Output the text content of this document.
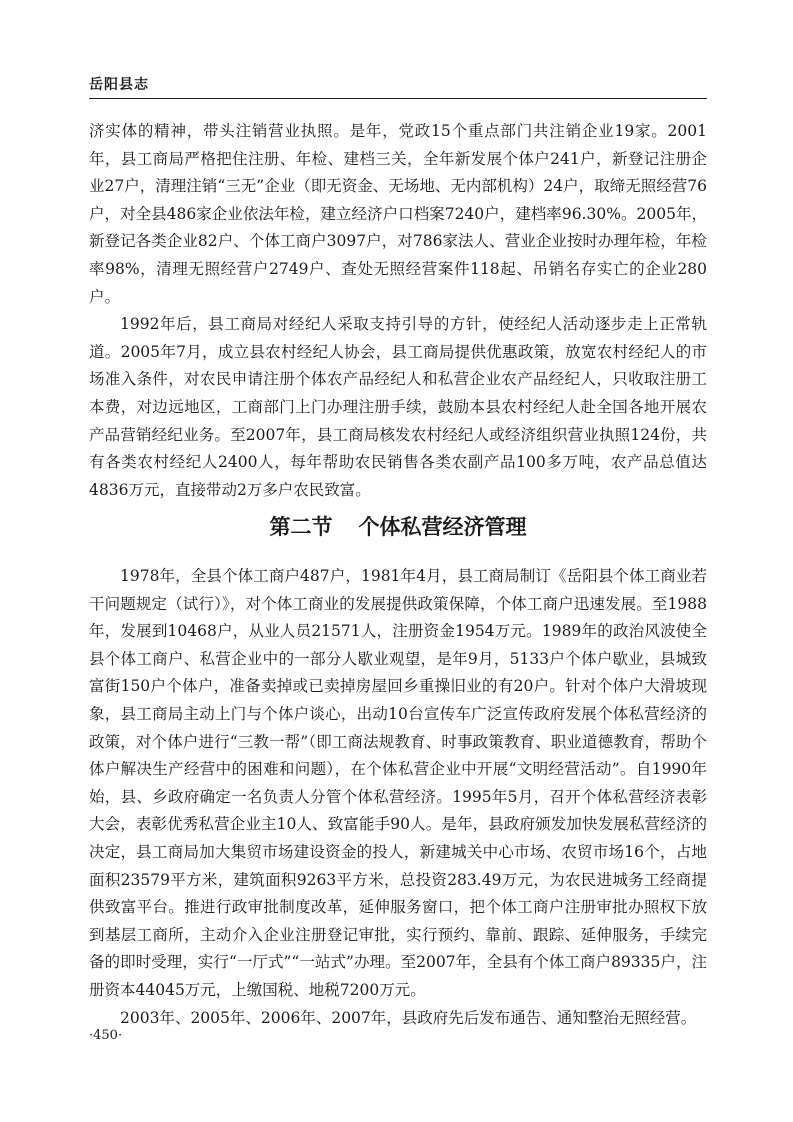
岳阳县志

济实体的精神，带头注销营业执照。是年，党政15个重点部门共注销企业19家。2001年，县工商局严格把住注册、年检、建档三关，全年新发展个体户241户，新登记注册企业27户，清理注销“三无”企业（即无资金、无场地、无内部机构）24户，取缔无照经营76户，对全县486家企业依法年检，建立经济户口档案7240户，建档率96.30%。2005年，新登记各类企业82户、个体工商户3097户，对786家法人、营业企业按时办理年检，年检率98%，清理无照经营户2749户、查处无照经营案件118起、吊销名存实亡的企业280户。

1992年后，县工商局对经纪人采取支持引导的方针，使经纪人活动逐步走上正常轨道。2005年7月，成立县农村经纪人协会，县工商局提供优惠政策，放宽农村经纪人的市场准入条件，对农民申请注册个体农产品经纪人和私营企业农产品经纪人，只收取注册工本费，对边远地区，工商部门上门办理注册手续，鼓励本县农村经纪人赴全国各地开展农产品营销经纪业务。至2007年，县工商局核发农村经纪人或经济组织营业执照124份，共有各类农村经纪人2400人，每年帮助农民销售各类农副产品100多万吨，农产品总值达4836万元，直接带动2万多户农民致富。

第二节 个体私营经济管理

1978年，全县个体工商户487户，1981年4月，县工商局制订《岳阳县个体工商业若干问题规定（试行）》，对个体工商业的发展提供政策保障，个体工商户迅速发展。至1988年，发展到10468户，从业人员21571人，注册资金1954万元。1989年的政治风波使全县个体工商户、私营企业中的一部分人歇业观望，是年9月，5133户个体户歇业，县城致富街150户个体户，准备卖掉或已卖掉房屋回乡重操旧业的有20户。针对个体户大滑坡现象，县工商局主动上门与个体户谈心，出动10台宣传车广泛宣传政府发展个体私营经济的政策，对个体户进行“三教一帮”（即工商法规教育、时事政策教育、职业道德教育，帮助个体户解决生产经营中的困难和问题），在个体私营企业中开展“文明经营活动”。自1990年始，县、乡政府确定一名负责人分管个体私营经济。1995年5月，召开个体私营经济表彰大会，表彰优秀私营企业主10人、致富能手90人。是年，县政府颁发加快发展私营经济的决定，县工商局加大集贸市场建设资金的投人，新建城关中心市场、农贸市场16个，占地面积23579平方米，建筑面积9263平方米，总投资283.49万元，为农民进城务工经商提供致富平台。推进行政审批制度改革，延伸服务窗口，把个体工商户注册审批办照权下放到基层工商所，主动介入企业注册登记审批，实行预约、靠前、跟踪、延伸服务，手续完备的即时受理，实行“一厅式”“一站式”办理。至2007年，全县有个体工商户89335户，注册资本44045万元，上缴国税、地税7200万元。

2003年、2005年、2006年、2007年，县政府先后发布通告、通知整治无照经营。

·450·
